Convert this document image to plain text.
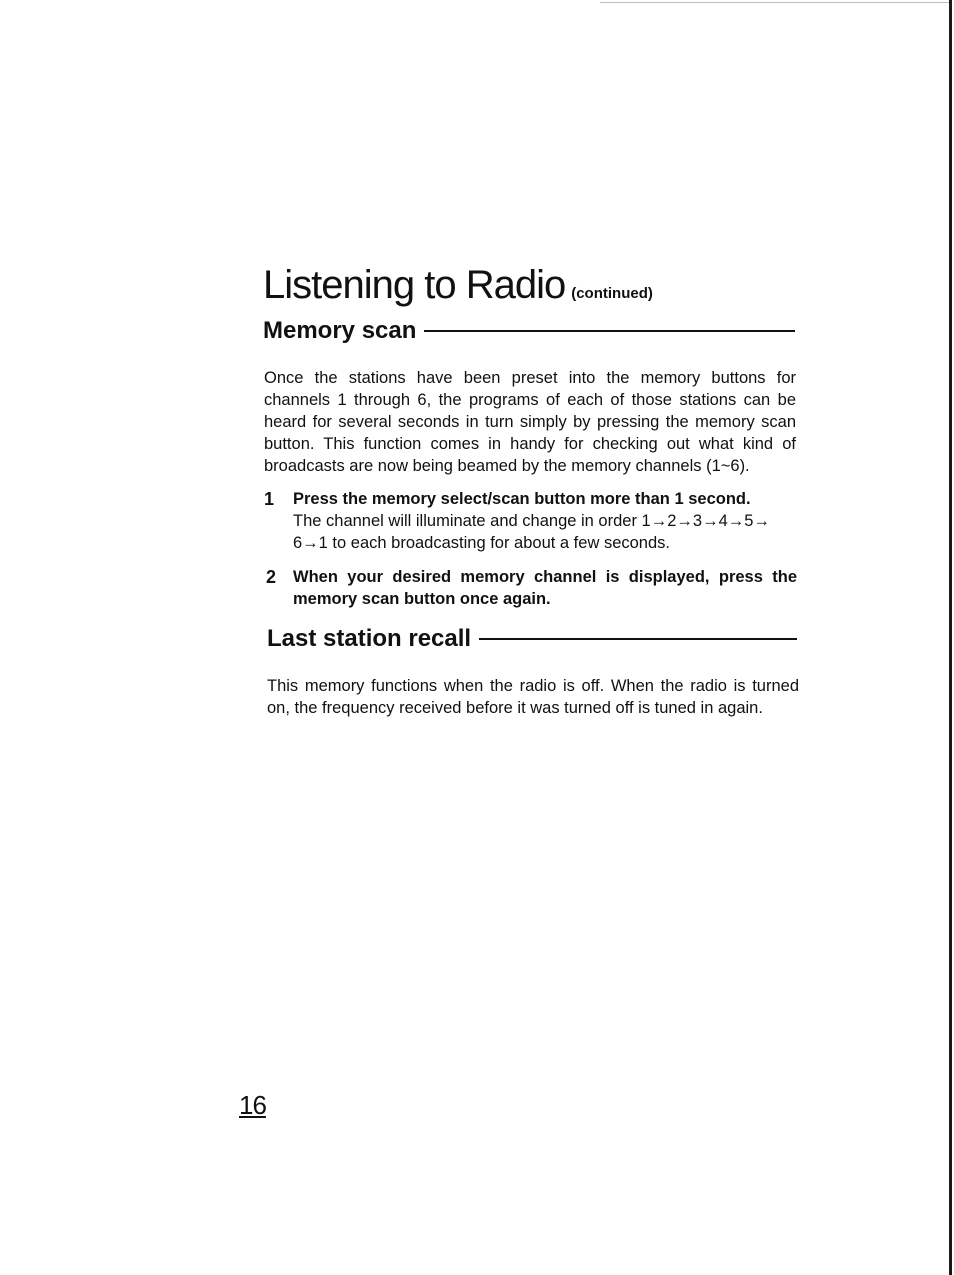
Listening to Radio (continued)
Memory scan

Once the stations have been preset into the memory buttons for channels 1 through 6, the programs of each of those stations can be heard for several seconds in turn simply by pressing the memory scan button. This function comes in handy for checking out what kind of broadcasts are now being beamed by the memory channels (1~6).

1 Press the memory select/scan button more than 1 second.
The channel will illuminate and change in order 1→2→3→4→5→ 6→1 to each broadcasting for about a few seconds.
2 When your desired memory channel is displayed, press the memory scan button once again.
Last station recall

This memory functions when the radio is off. When the radio is turned on, the frequency received before it was turned off is tuned in again.

16
